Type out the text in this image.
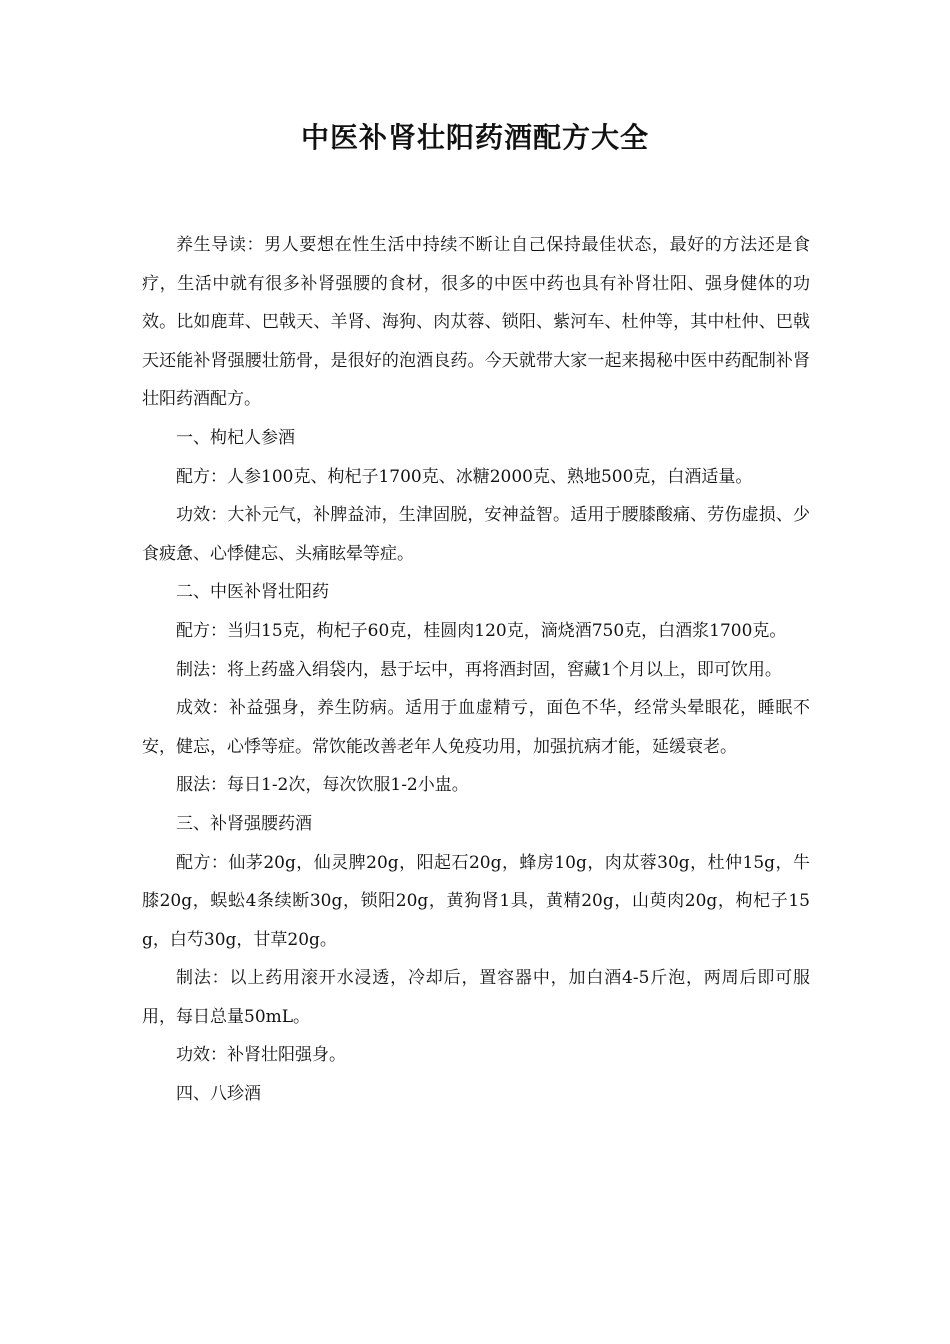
中医补肾壮阳药酒配方大全

养生导读：男人要想在性生活中持续不断让自己保持最佳状态，最好的方法还是食疗，生活中就有很多补肾强腰的食材，很多的中医中药也具有补肾壮阳、强身健体的功效。比如鹿茸、巴戟天、羊肾、海狗、肉苁蓉、锁阳、紫河车、杜仲等，其中杜仲、巴戟天还能补肾强腰壮筋骨，是很好的泡酒良药。今天就带大家一起来揭秘中医中药配制补肾壮阳药酒配方。

一、枸杞人参酒

配方：人参100克、枸杞子1700克、冰糖2000克、熟地500克，白酒适量。

功效：大补元气，补脾益沛，生津固脱，安神益智。适用于腰膝酸痛、劳伤虚损、少食疲惫、心悸健忘、头痛眩晕等症。

二、中医补肾壮阳药

配方：当归15克，枸杞子60克，桂圆肉120克，滴烧酒750克，白酒浆1700克。

制法：将上药盛入绢袋内，悬于坛中，再将酒封固，窖藏1个月以上，即可饮用。

成效：补益强身，养生防病。适用于血虚精亏，面色不华，经常头晕眼花，睡眠不安，健忘，心悸等症。常饮能改善老年人免疫功用，加强抗病才能，延缓衰老。

服法：每日1-2次，每次饮服1-2小盅。

三、补肾强腰药酒

配方：仙茅20g，仙灵脾20g，阳起石20g，蜂房10g，肉苁蓉30g，杜仲15g，牛膝20g，蜈蚣4条续断30g，锁阳20g，黄狗肾1具，黄精20g，山萸肉20g，枸杞子15g，白芍30g，甘草20g。

制法：以上药用滚开水浸透，冷却后，置容器中，加白酒4-5斤泡，两周后即可服用，每日总量50mL。

功效：补肾壮阳强身。

四、八珍酒
